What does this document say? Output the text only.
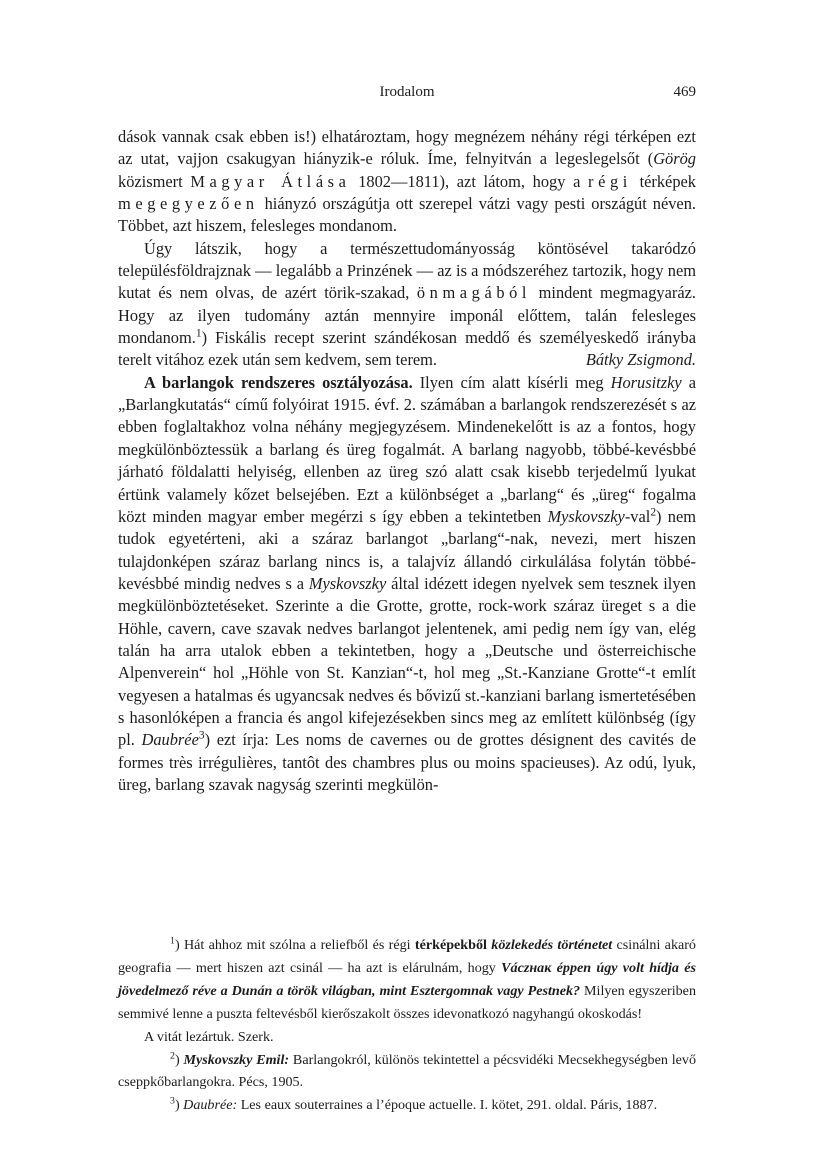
Irodalom	469

dások vannak csak ebben is!) elhatároztam, hogy megnézem néhány régi térképen ezt az utat, vajjon csakugyan hiányzik-e róluk. Íme, felnyitván a legeslegelsőt (Görög közismert Magyar Átlása 1802—1811), azt látom, hogy a régi térképek megegyezően hiányzó országútja ott szerepel vátzi vagy pesti országút néven. Többet, azt hiszem, felesleges mondanom.

Úgy látszik, hogy a természettudományosság köntösével takaródzó településföldrajznak — legalább a Prinzének — az is a módszeréhez tartozik, hogy nem kutat és nem olvas, de azért törik-szakad, önmagából mindent megmagyaráz. Hogy az ilyen tudomány aztán mennyire imponál előttem, talán felesleges mondanom.$^1$) Fiskális recept szerint szándékosan meddő és személyeskedő irányba terelt vitához ezek után sem kedvem, sem terem.	Bátky Zsigmond.

A barlangok rendszeres osztályozása. Ilyen cím alatt kísérli meg Horusitzky a „Barlangkutatás“ című folyóirat 1915. évf. 2. számában a barlangok rendszerezését s az ebben foglaltakhoz volna néhány megjegyzésem. Mindenekelőtt is az a fontos, hogy megkülönböztessük a barlang és üreg fogalmát. A barlang nagyobb, többé-kevésbbé járható földalatti helyiség, ellenben az üreg szó alatt csak kisebb terjedelmű lyukat értünk valamely kőzet belsejében. Ezt a különbséget a „barlang“ és „üreg“ fogalma közt minden magyar ember megérzi s így ebben a tekintetben Myskovszky-val$^2$) nem tudok egyetérteni, aki a száraz barlangot „barlang“-nak, nevezi, mert hiszen tulajdonképen száraz barlang nincs is, a talajvíz állandó cirkulálása folytán többé-kevésbbé mindig nedves s a Myskovszky által idézett idegen nyelvek sem tesznek ilyen megkülönböztetéseket. Szerinte a die Grotte, grotte, rock-work száraz üreget s a die Höhle, cavern, cave szavak nedves barlangot jelentenek, ami pedig nem így van, elég talán ha arra utalok ebben a tekintetben, hogy a „Deutsche und österreichische Alpenverein“ hol „Höhle von St. Kanzian“-t, hol meg „St.-Kanziane Grotte“-t említ vegyesen a hatalmas és ugyancsak nedves és bővizű st.-kanziani barlang ismertetésében s hasonlóképen a francia és angol kifejezésekben sincs meg az említett különbség (így pl. Daubrée$^3$) ezt írja: Les noms de cavernes ou de grottes désignent des cavités de formes très irrégulières, tantôt des chambres plus ou moins spacieuses). Az odú, lyuk, üreg, barlang szavak nagyság szerinti megkülön-

$^1$) Hát ahhoz mit szólna a reliefből és régi térképekből közlekedés történetet csinálni akaró geografia — mert hiszen azt csinál — ha azt is elárulnám, hogy Váczнак éppen úgy volt hídja és jövedelmező réve a Dunán a török világban, mint Esztergomnak vagy Pestnek? Milyen egyszeriben semmivé lenne a puszta feltevésből kierőszakolt összes idevonatkozó nagyhangú okoskodás!

A vitát lezártuk. Szerk.

$^2$) Myskovszky Emil: Barlangokról, különös tekintettel a pécsvidéki Mecsekhegységben levő cseppkőbarlangokra. Pécs, 1905.

$^3$) Daubrée: Les eaux souterraines a l’époque actuelle. I. kötet, 291. oldal. Páris, 1887.
